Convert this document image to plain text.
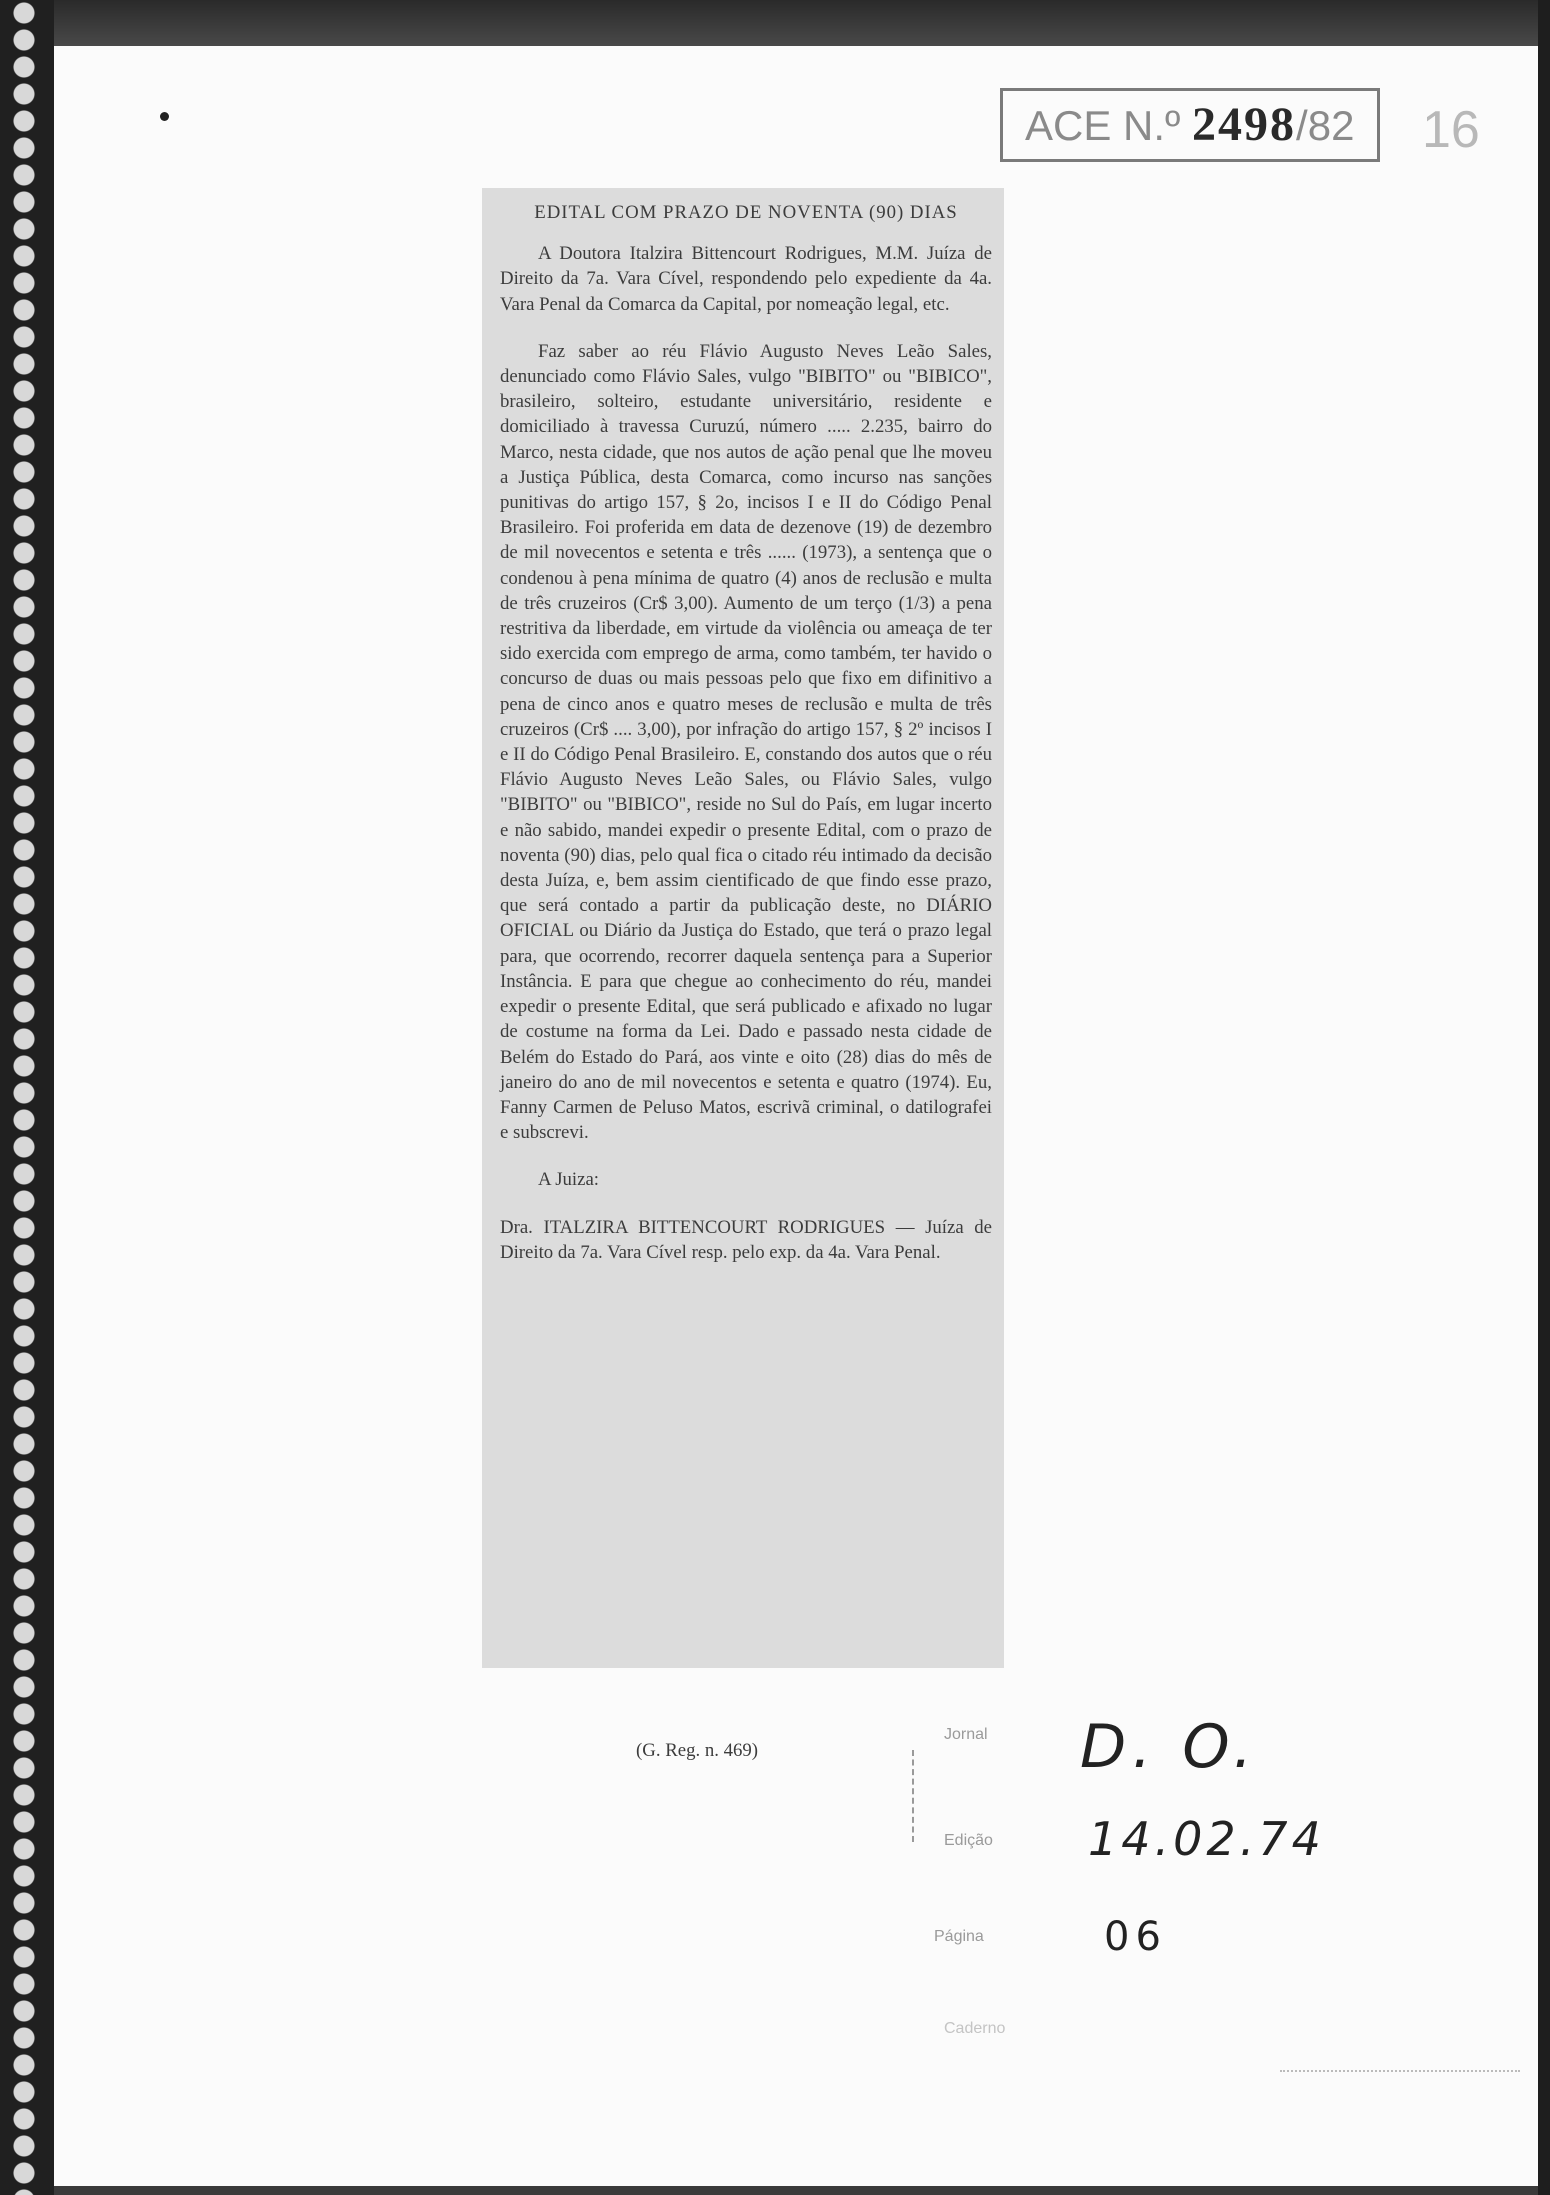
ACE N.º 2498/82	16

EDITAL COM PRAZO DE NOVENTA (90) DIAS

A Doutora Italzira Bittencourt Rodrigues, M.M. Juíza de Direito da 7a. Vara Cível, respondendo pelo expediente da 4a. Vara Penal da Comarca da Capital, por nomeação legal, etc.

Faz saber ao réu Flávio Augusto Neves Leão Sales, denunciado como Flávio Sales, vulgo "BIBITO" ou "BIBICO", brasileiro, solteiro, estudante universitário, residente e domiciliado à travessa Curuzú, número ..... 2.235, bairro do Marco, nesta cidade, que nos autos de ação penal que lhe moveu a Justiça Pública, desta Comarca, como incurso nas sanções punitivas do artigo 157, § 2o, incisos I e II do Código Penal Brasileiro. Foi proferida em data de dezenove (19) de dezembro de mil novecentos e setenta e três ...... (1973), a sentença que o condenou à pena mínima de quatro (4) anos de reclusão e multa de três cruzeiros (Cr$ 3,00). Aumento de um terço (1/3) a pena restritiva da liberdade, em virtude da violência ou ameaça de ter sido exercida com emprego de arma, como também, ter havido o concurso de duas ou mais pessoas pelo que fixo em difinitivo a pena de cinco anos e quatro meses de reclusão e multa de três cruzeiros (Cr$ .... 3,00), por infração do artigo 157, § 2º incisos I e II do Código Penal Brasileiro. E, constando dos autos que o réu Flávio Augusto Neves Leão Sales, ou Flávio Sales, vulgo "BIBITO" ou "BIBICO", reside no Sul do País, em lugar incerto e não sabido, mandei expedir o presente Edital, com o prazo de noventa (90) dias, pelo qual fica o citado réu intimado da decisão desta Juíza, e, bem assim cientificado de que findo esse prazo, que será contado a partir da publicação deste, no DIÁRIO OFICIAL ou Diário da Justiça do Estado, que terá o prazo legal para, que ocorrendo, recorrer daquela sentença para a Superior Instância. E para que chegue ao conhecimento do réu, mandei expedir o presente Edital, que será publicado e afixado no lugar de costume na forma da Lei. Dado e passado nesta cidade de Belém do Estado do Pará, aos vinte e oito (28) dias do mês de janeiro do ano de mil novecentos e setenta e quatro (1974). Eu, Fanny Carmen de Peluso Matos, escrivã criminal, o datilografei e subscrevi.

A Juiza:

Dra. ITALZIRA BITTENCOURT RODRIGUES — Juíza de Direito da 7a. Vara Cível resp. pelo exp. da 4a. Vara Penal.

(G. Reg. n. 469)
Jornal
Edição
Página
Caderno
D. O.
14.02.74
06
